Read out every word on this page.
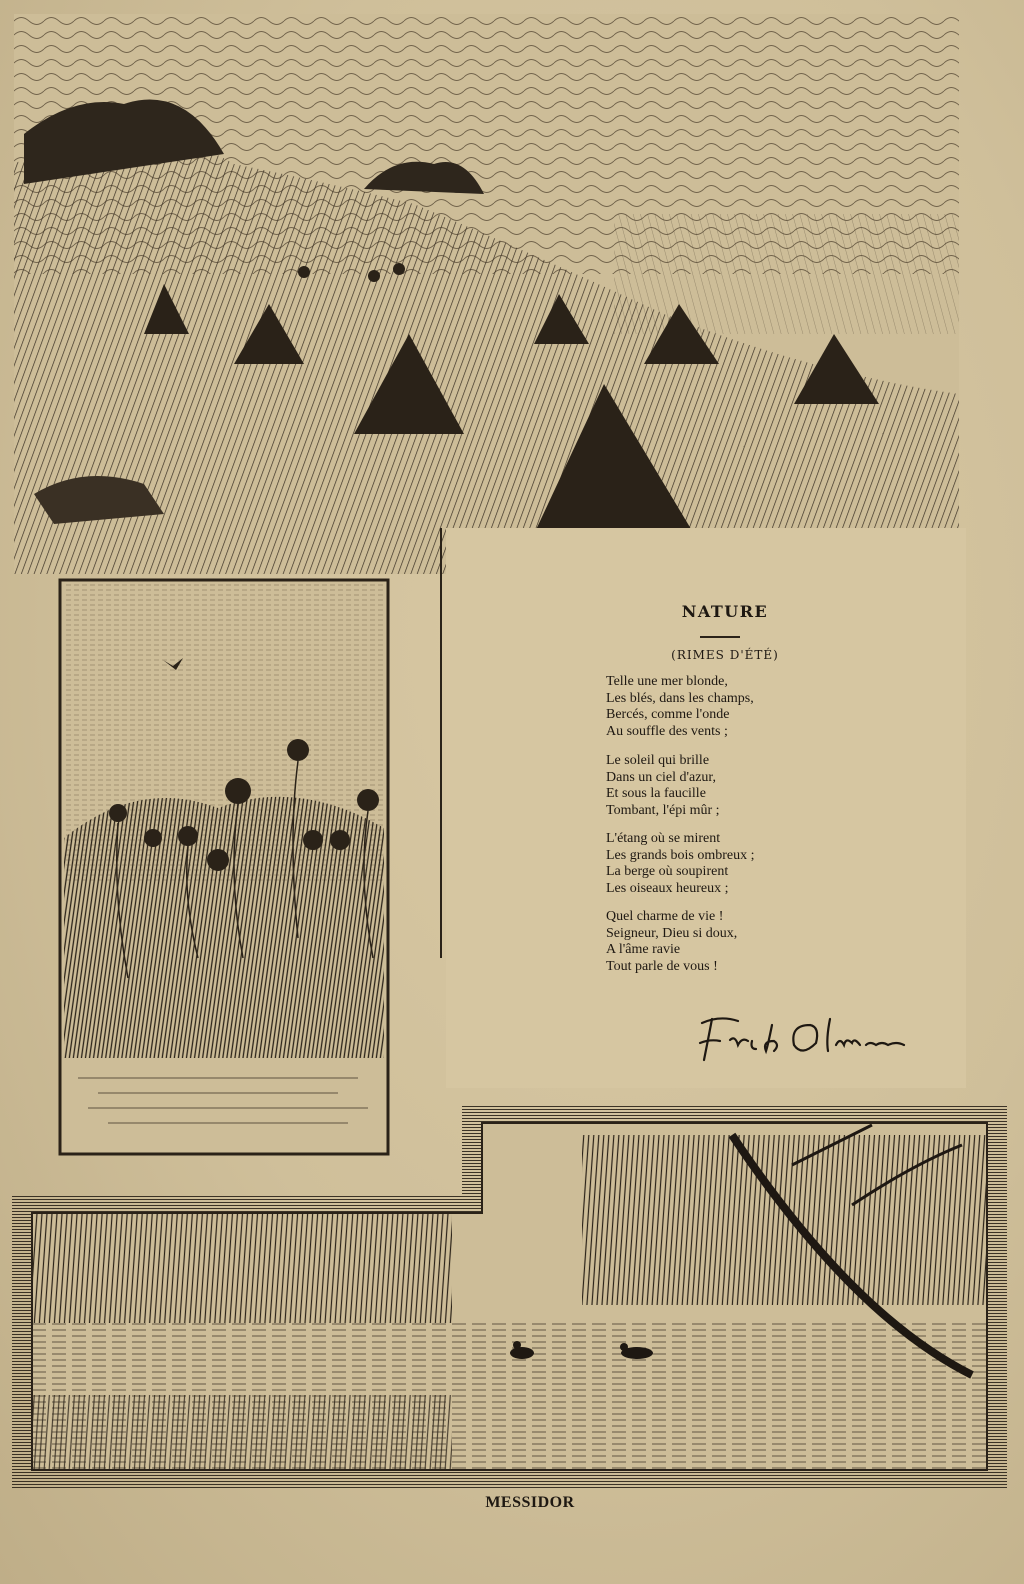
NATURE
(RIMES D'ÉTÉ)
Telle une mer blonde,
Les blés, dans les champs,
Bercés, comme l'onde
Au souffle des vents ;
Le soleil qui brille
Dans un ciel d'azur,
Et sous la faucille
Tombant, l'épi mûr ;
L'étang où se mirent
Les grands bois ombreux ;
La berge où soupirent
Les oiseaux heureux ;
Quel charme de vie !
Seigneur, Dieu si doux,
A l'âme ravie
Tout parle de vous !
MESSIDOR
